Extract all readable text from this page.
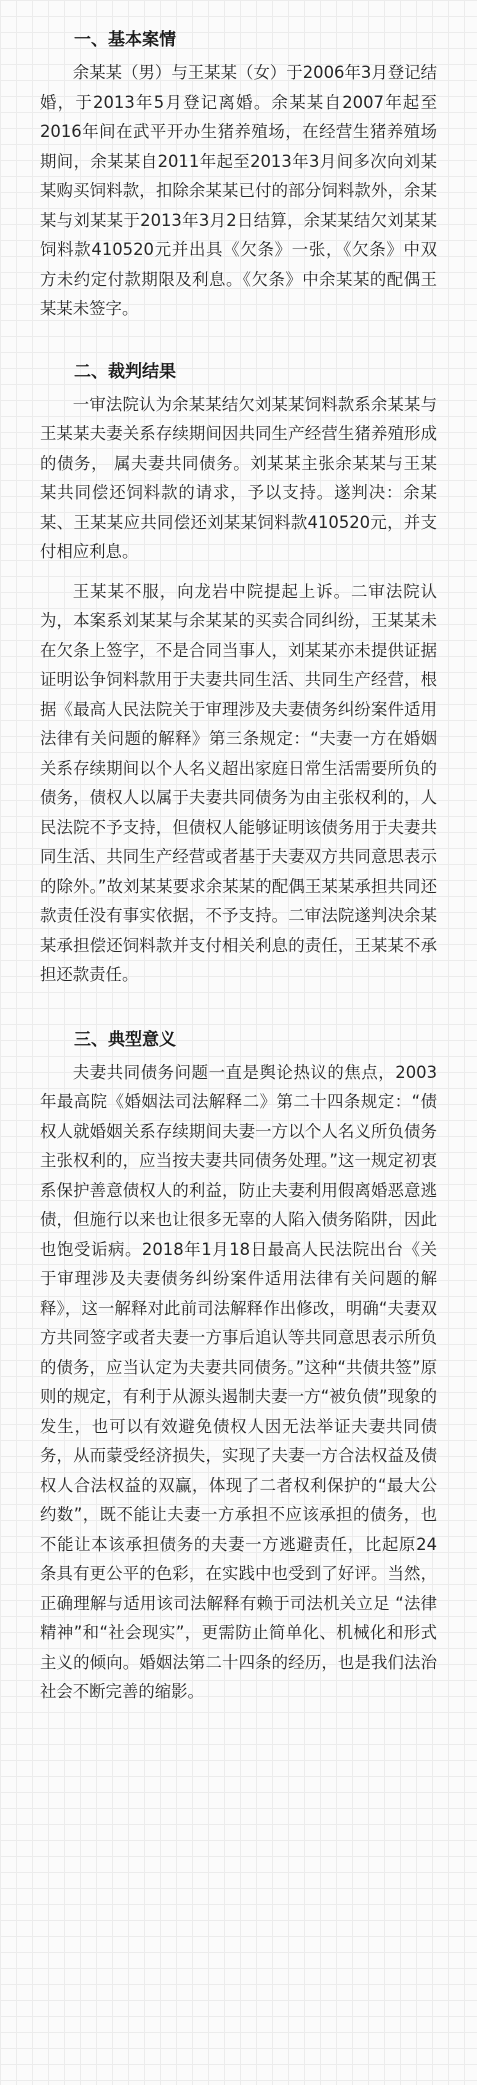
一、基本案情

余某某（男）与王某某（女）于2006年3月登记结婚，于2013年5月登记离婚。余某某自2007年起至2016年间在武平开办生猪养殖场，在经营生猪养殖场期间，余某某自2011年起至2013年3月间多次向刘某某购买饲料款，扣除余某某已付的部分饲料款外，余某某与刘某某于2013年3月2日结算，余某某结欠刘某某饲料款410520元并出具《欠条》一张，《欠条》中双方未约定付款期限及利息。《欠条》中余某某的配偶王某某未签字。

二、裁判结果

一审法院认为余某某结欠刘某某饲料款系余某某与王某某夫妻关系存续期间因共同生产经营生猪养殖形成的债务， 属夫妻共同债务。刘某某主张余某某与王某某共同偿还饲料款的请求，予以支持。遂判决：余某某、王某某应共同偿还刘某某饲料款410520元，并支付相应利息。

王某某不服，向龙岩中院提起上诉。二审法院认为，本案系刘某某与余某某的买卖合同纠纷，王某某未在欠条上签字，不是合同当事人，刘某某亦未提供证据证明讼争饲料款用于夫妻共同生活、共同生产经营，根据《最高人民法院关于审理涉及夫妻债务纠纷案件适用法律有关问题的解释》第三条规定：“夫妻一方在婚姻关系存续期间以个人名义超出家庭日常生活需要所负的债务，债权人以属于夫妻共同债务为由主张权利的，人民法院不予支持，但债权人能够证明该债务用于夫妻共同生活、共同生产经营或者基于夫妻双方共同意思表示的除外。”故刘某某要求余某某的配偶王某某承担共同还款责任没有事实依据，不予支持。二审法院遂判决余某某承担偿还饲料款并支付相关利息的责任，王某某不承担还款责任。

三、典型意义

夫妻共同债务问题一直是舆论热议的焦点，2003年最高院《婚姻法司法解释二》第二十四条规定：“债权人就婚姻关系存续期间夫妻一方以个人名义所负债务主张权利的，应当按夫妻共同债务处理。”这一规定初衷系保护善意债权人的利益，防止夫妻利用假离婚恶意逃债，但施行以来也让很多无辜的人陷入债务陷阱，因此也饱受诟病。2018年1月18日最高人民法院出台《关于审理涉及夫妻债务纠纷案件适用法律有关问题的解释》，这一解释对此前司法解释作出修改，明确“夫妻双方共同签字或者夫妻一方事后追认等共同意思表示所负的债务，应当认定为夫妻共同债务。”这种“共债共签”原则的规定，有利于从源头遏制夫妻一方“被负债”现象的发生，也可以有效避免债权人因无法举证夫妻共同债务，从而蒙受经济损失，实现了夫妻一方合法权益及债权人合法权益的双赢，体现了二者权利保护的“最大公约数”，既不能让夫妻一方承担不应该承担的债务，也不能让本该承担债务的夫妻一方逃避责任，比起原24条具有更公平的色彩，在实践中也受到了好评。当然，正确理解与适用该司法解释有赖于司法机关立足 “法律精神”和“社会现实”，更需防止简单化、机械化和形式主义的倾向。婚姻法第二十四条的经历，也是我们法治社会不断完善的缩影。
